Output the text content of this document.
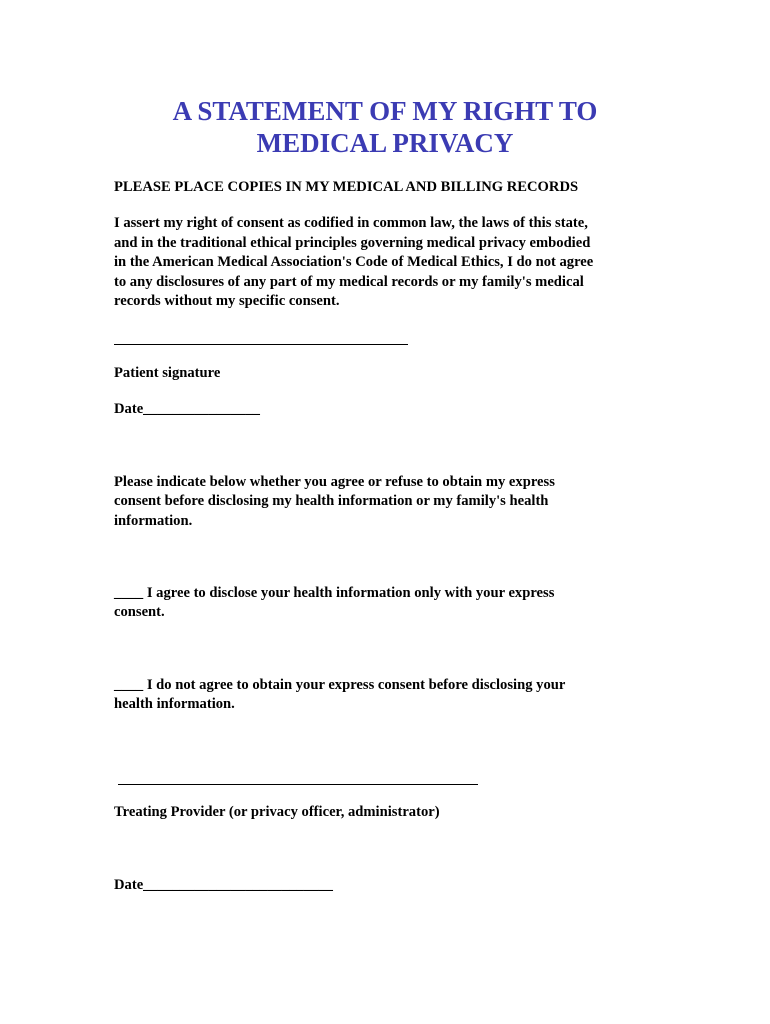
A STATEMENT OF MY RIGHT TO
MEDICAL PRIVACY
PLEASE PLACE COPIES IN MY MEDICAL AND BILLING RECORDS
I assert my right of consent as codified in common law, the laws of this state,
and in the traditional ethical principles governing medical privacy embodied
in the American Medical Association's Code of Medical Ethics, I do not agree
to any disclosures of any part of my medical records or my family's medical
records without my specific consent.
Patient signature
Date________________
Please indicate below whether you agree or refuse to obtain my express
consent before disclosing my health information or my family's health
information.
____ I agree to disclose your health information only with your express
consent.
____ I do not agree to obtain your express consent before disclosing your
health information.
Treating Provider (or privacy officer, administrator)
Date__________________________
